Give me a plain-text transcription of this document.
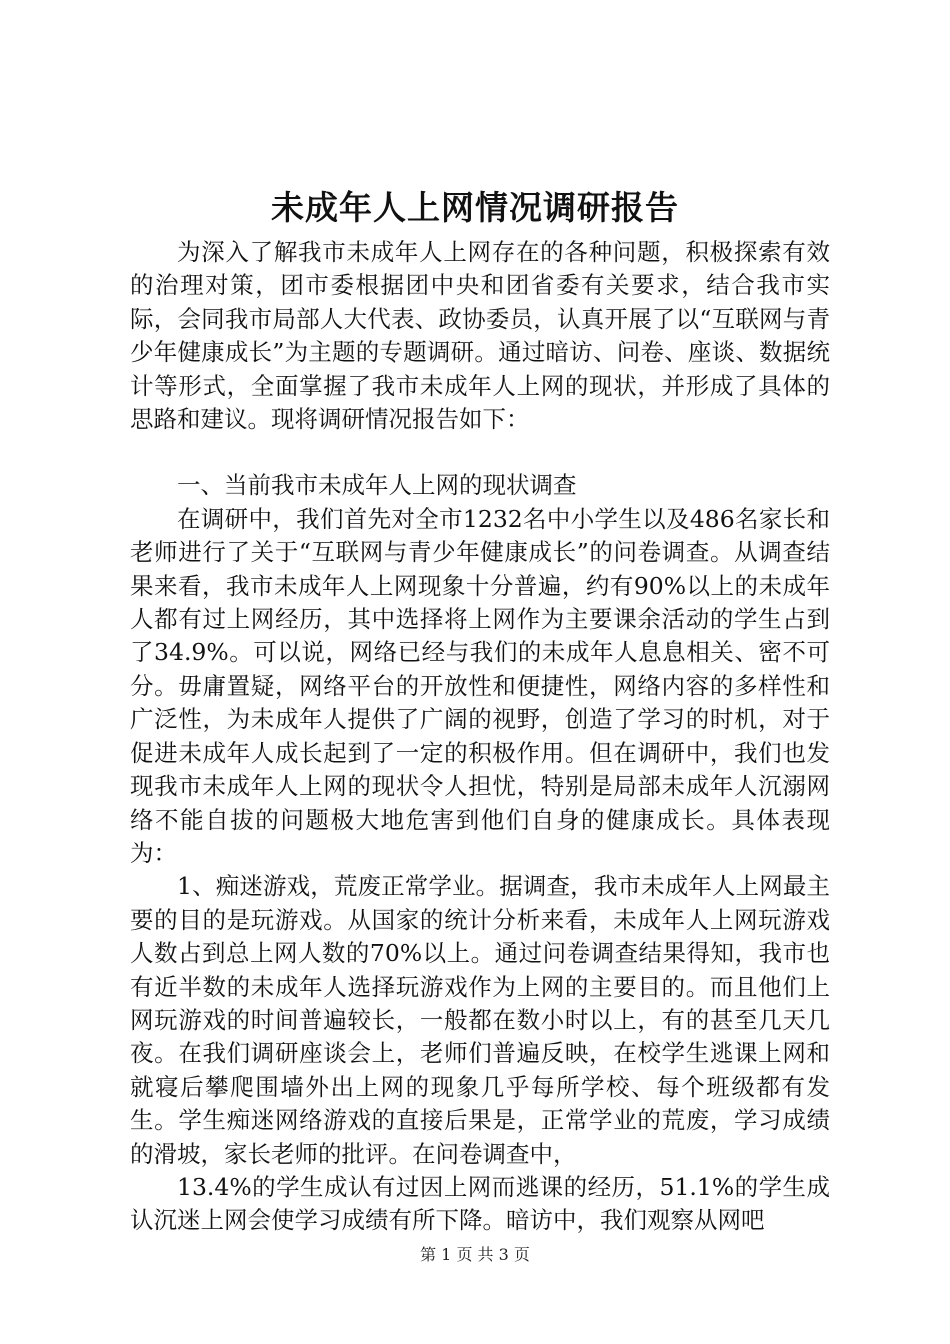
未成年人上网情况调研报告

为深入了解我市未成年人上网存在的各种问题，积极探索有效的治理对策，团市委根据团中央和团省委有关要求，结合我市实际，会同我市局部人大代表、政协委员，认真开展了以“互联网与青少年健康成长”为主题的专题调研。通过暗访、问卷、座谈、数据统计等形式，全面掌握了我市未成年人上网的现状，并形成了具体的思路和建议。现将调研情况报告如下：

一、当前我市未成年人上网的现状调查

在调研中，我们首先对全市1232名中小学生以及486名家长和老师进行了关于“互联网与青少年健康成长”的问卷调查。从调查结果来看，我市未成年人上网现象十分普遍，约有90%以上的未成年人都有过上网经历，其中选择将上网作为主要课余活动的学生占到了34.9%。可以说，网络已经与我们的未成年人息息相关、密不可分。毋庸置疑，网络平台的开放性和便捷性，网络内容的多样性和广泛性，为未成年人提供了广阔的视野，创造了学习的时机，对于促进未成年人成长起到了一定的积极作用。但在调研中，我们也发现我市未成年人上网的现状令人担忧，特别是局部未成年人沉溺网络不能自拔的问题极大地危害到他们自身的健康成长。具体表现为：

1、痴迷游戏，荒废正常学业。据调查，我市未成年人上网最主要的目的是玩游戏。从国家的统计分析来看，未成年人上网玩游戏人数占到总上网人数的70%以上。通过问卷调查结果得知，我市也有近半数的未成年人选择玩游戏作为上网的主要目的。而且他们上网玩游戏的时间普遍较长，一般都在数小时以上，有的甚至几天几夜。在我们调研座谈会上，老师们普遍反映，在校学生逃课上网和就寝后攀爬围墙外出上网的现象几乎每所学校、每个班级都有发生。学生痴迷网络游戏的直接后果是，正常学业的荒废，学习成绩的滑坡，家长老师的批评。在问卷调查中，

13.4%的学生成认有过因上网而逃课的经历，51.1%的学生成认沉迷上网会使学习成绩有所下降。暗访中，我们观察从网吧

第 1 页 共 3 页
